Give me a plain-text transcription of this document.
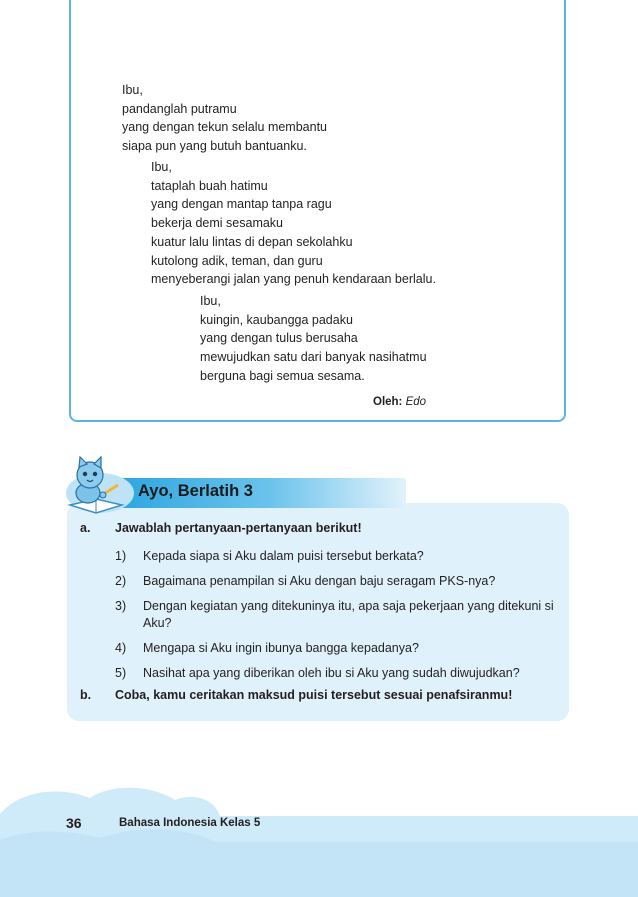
Ibu,
pandanglah putramu
yang dengan tekun selalu membantu
siapa pun yang butuh bantuanku.
Ibu,
tataplah buah hatimu
yang dengan mantap tanpa ragu
bekerja demi sesamaku
kuatur lalu lintas di depan sekolahku
kutolong adik, teman, dan guru
menyeberangi jalan yang penuh kendaraan berlalu.
Ibu,
kuingin, kaubangga padaku
yang dengan tulus berusaha
mewujudkan satu dari banyak nasihatmu
berguna bagi semua sesama.
Oleh: Edo
Ayo, Berlatih 3
a. Jawablah pertanyaan-pertanyaan berikut!
1)	Kepada siapa si Aku dalam puisi tersebut berkata?
2)	Bagaimana penampilan si Aku dengan baju seragam PKS-nya?
3)	Dengan kegiatan yang ditekuninya itu, apa saja pekerjaan yang ditekuni si Aku?
4)	Mengapa si Aku ingin ibunya bangga kepadanya?
5)	Nasihat apa yang diberikan oleh ibu si Aku yang sudah diwujudkan?
b. Coba, kamu ceritakan maksud puisi tersebut sesuai penafsiranmu!
36	Bahasa Indonesia Kelas 5
